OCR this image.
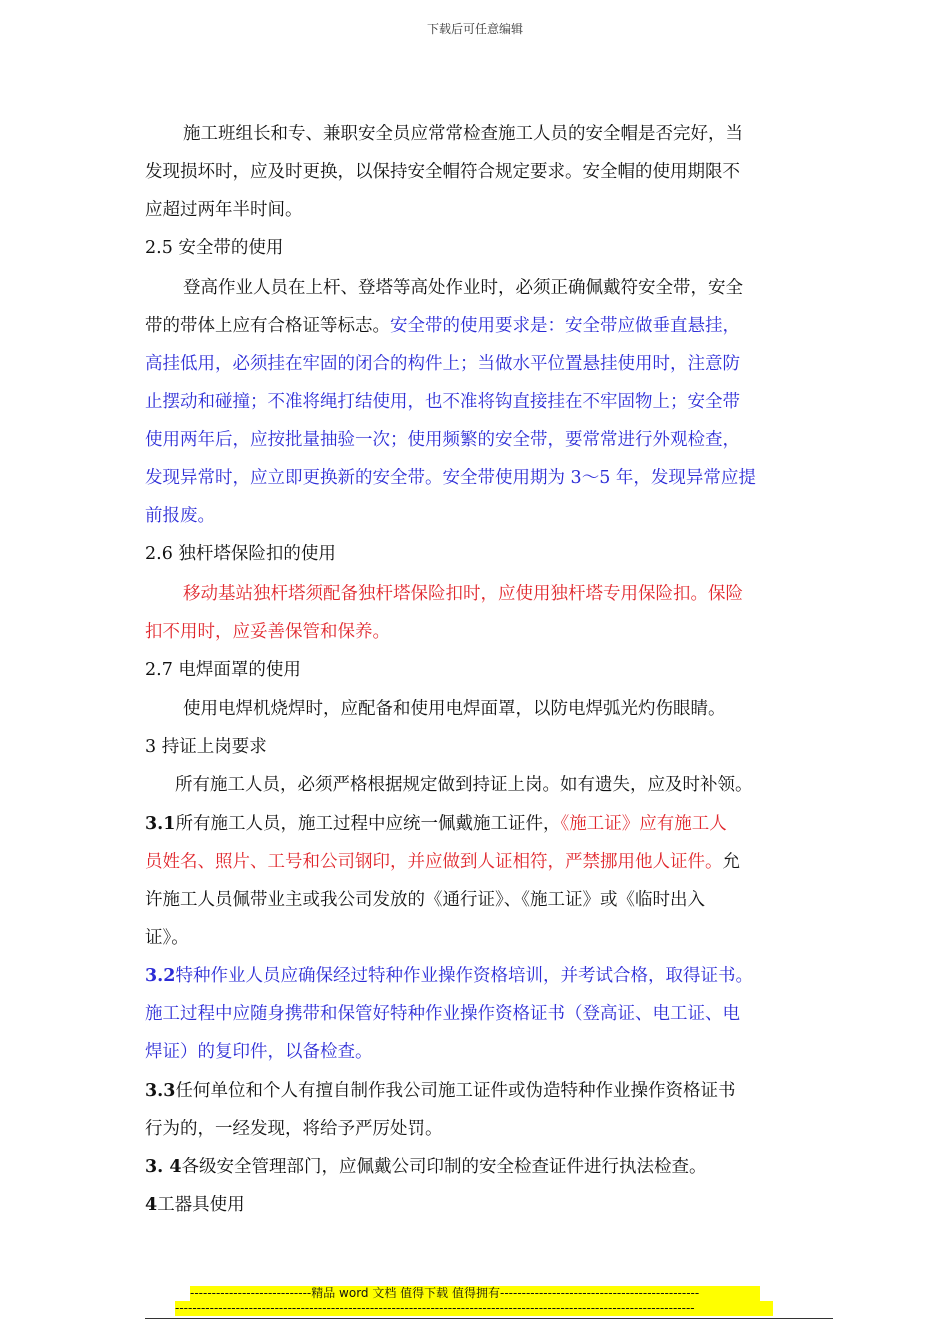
下载后可任意编辑
施工班组长和专、兼职安全员应常常检查施工人员的安全帽是否完好，当
发现损坏时，应及时更换，以保持安全帽符合规定要求。安全帽的使用期限不
应超过两年半时间。
2.5 安全带的使用
登高作业人员在上杆、登塔等高处作业时，必须正确佩戴符安全带，安全
带的带体上应有合格证等标志。安全带的使用要求是：安全带应做垂直悬挂，
高挂低用，必须挂在牢固的闭合的构件上；当做水平位置悬挂使用时，注意防
止摆动和碰撞；不准将绳打结使用，也不准将钩直接挂在不牢固物上；安全带
使用两年后，应按批量抽验一次；使用频繁的安全带，要常常进行外观检查，
发现异常时，应立即更换新的安全带。安全带使用期为 3～5 年，发现异常应提
前报废。
2.6 独杆塔保险扣的使用
移动基站独杆塔须配备独杆塔保险扣时，应使用独杆塔专用保险扣。保险
扣不用时，应妥善保管和保养。
2.7 电焊面罩的使用
使用电焊机烧焊时，应配备和使用电焊面罩，以防电焊弧光灼伤眼睛。
3 持证上岗要求
所有施工人员，必须严格根据规定做到持证上岗。如有遗失，应及时补领。
3.1所有施工人员，施工过程中应统一佩戴施工证件，《施工证》应有施工人
员姓名、照片、工号和公司钢印，并应做到人证相符，严禁挪用他人证件。允
许施工人员佩带业主或我公司发放的《通行证》、《施工证》或《临时出入
证》。
3.2特种作业人员应确保经过特种作业操作资格培训，并考试合格，取得证书。
施工过程中应随身携带和保管好特种作业操作资格证书（登高证、电工证、电
焊证）的复印件，以备检查。
3.3任何单位和个人有擅自制作我公司施工证件或伪造特种作业操作资格证书
行为的，一经发现，将给予严厉处罚。
3. 4各级安全管理部门，应佩戴公司印制的安全检查证件进行执法检查。
4工器具使用
----------------------------精品 word 文档 值得下载 值得拥有----------------------------------------------
------------------------------------------------------------------------------------------------------------------------
